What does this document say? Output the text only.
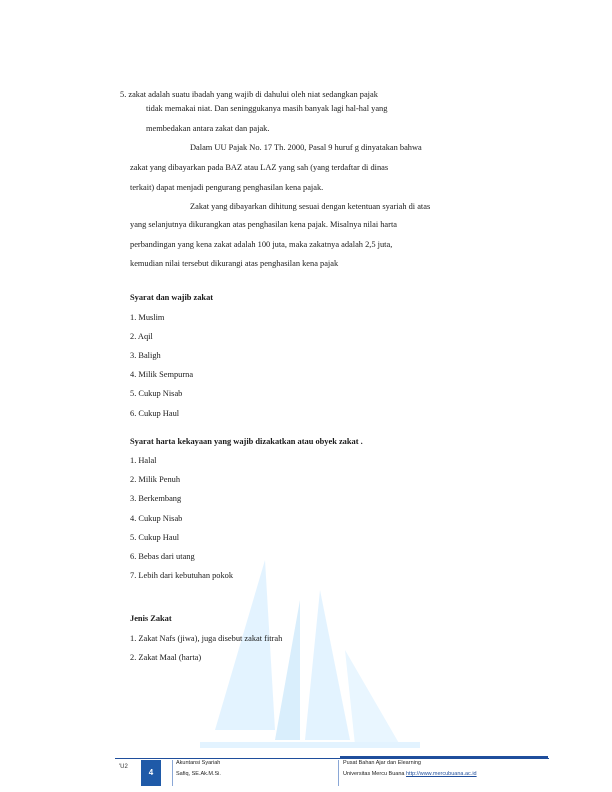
5. zakat adalah suatu ibadah yang wajib di dahului oleh niat sedangkan pajak
tidak memakai niat. Dan seninggukanya masih banyak lagi hal-hal yang
membedakan antara zakat dan pajak.
Dalam UU Pajak No. 17 Th. 2000, Pasal 9 huruf g dinyatakan bahwa
zakat yang dibayarkan pada BAZ atau LAZ yang sah (yang terdaftar di dinas
terkait) dapat menjadi pengurang penghasilan kena pajak.
Zakat yang dibayarkan dihitung sesuai dengan ketentuan syariah di atas
yang selanjutnya dikurangkan atas penghasilan kena pajak. Misalnya nilai harta
perbandingan yang kena zakat adalah 100 juta, maka zakatnya adalah 2,5 juta,
kemudian nilai tersebut dikurangi atas penghasilan kena pajak
Syarat dan wajib zakat
1. Muslim
2. Aqil
3. Baligh
4. Milik Sempurna
5. Cukup Nisab
6. Cukup Haul
Syarat harta kekayaan yang wajib dizakatkan atau obyek zakat .
1. Halal
2. Milik Penuh
3. Berkembang
4. Cukup Nisab
5. Cukup Haul
6. Bebas dari utang
7. Lebih dari kebutuhan pokok
Jenis Zakat
1. Zakat Nafs (jiwa), juga disebut zakat fitrah
2. Zakat Maal (harta)
'U2
4
Akuntansi Syariah
Safiq, SE.Ak.M.Si.
Pusat Bahan Ajar dan Elearning
Universitas Mercu Buana http://www.mercubuana.ac.id
